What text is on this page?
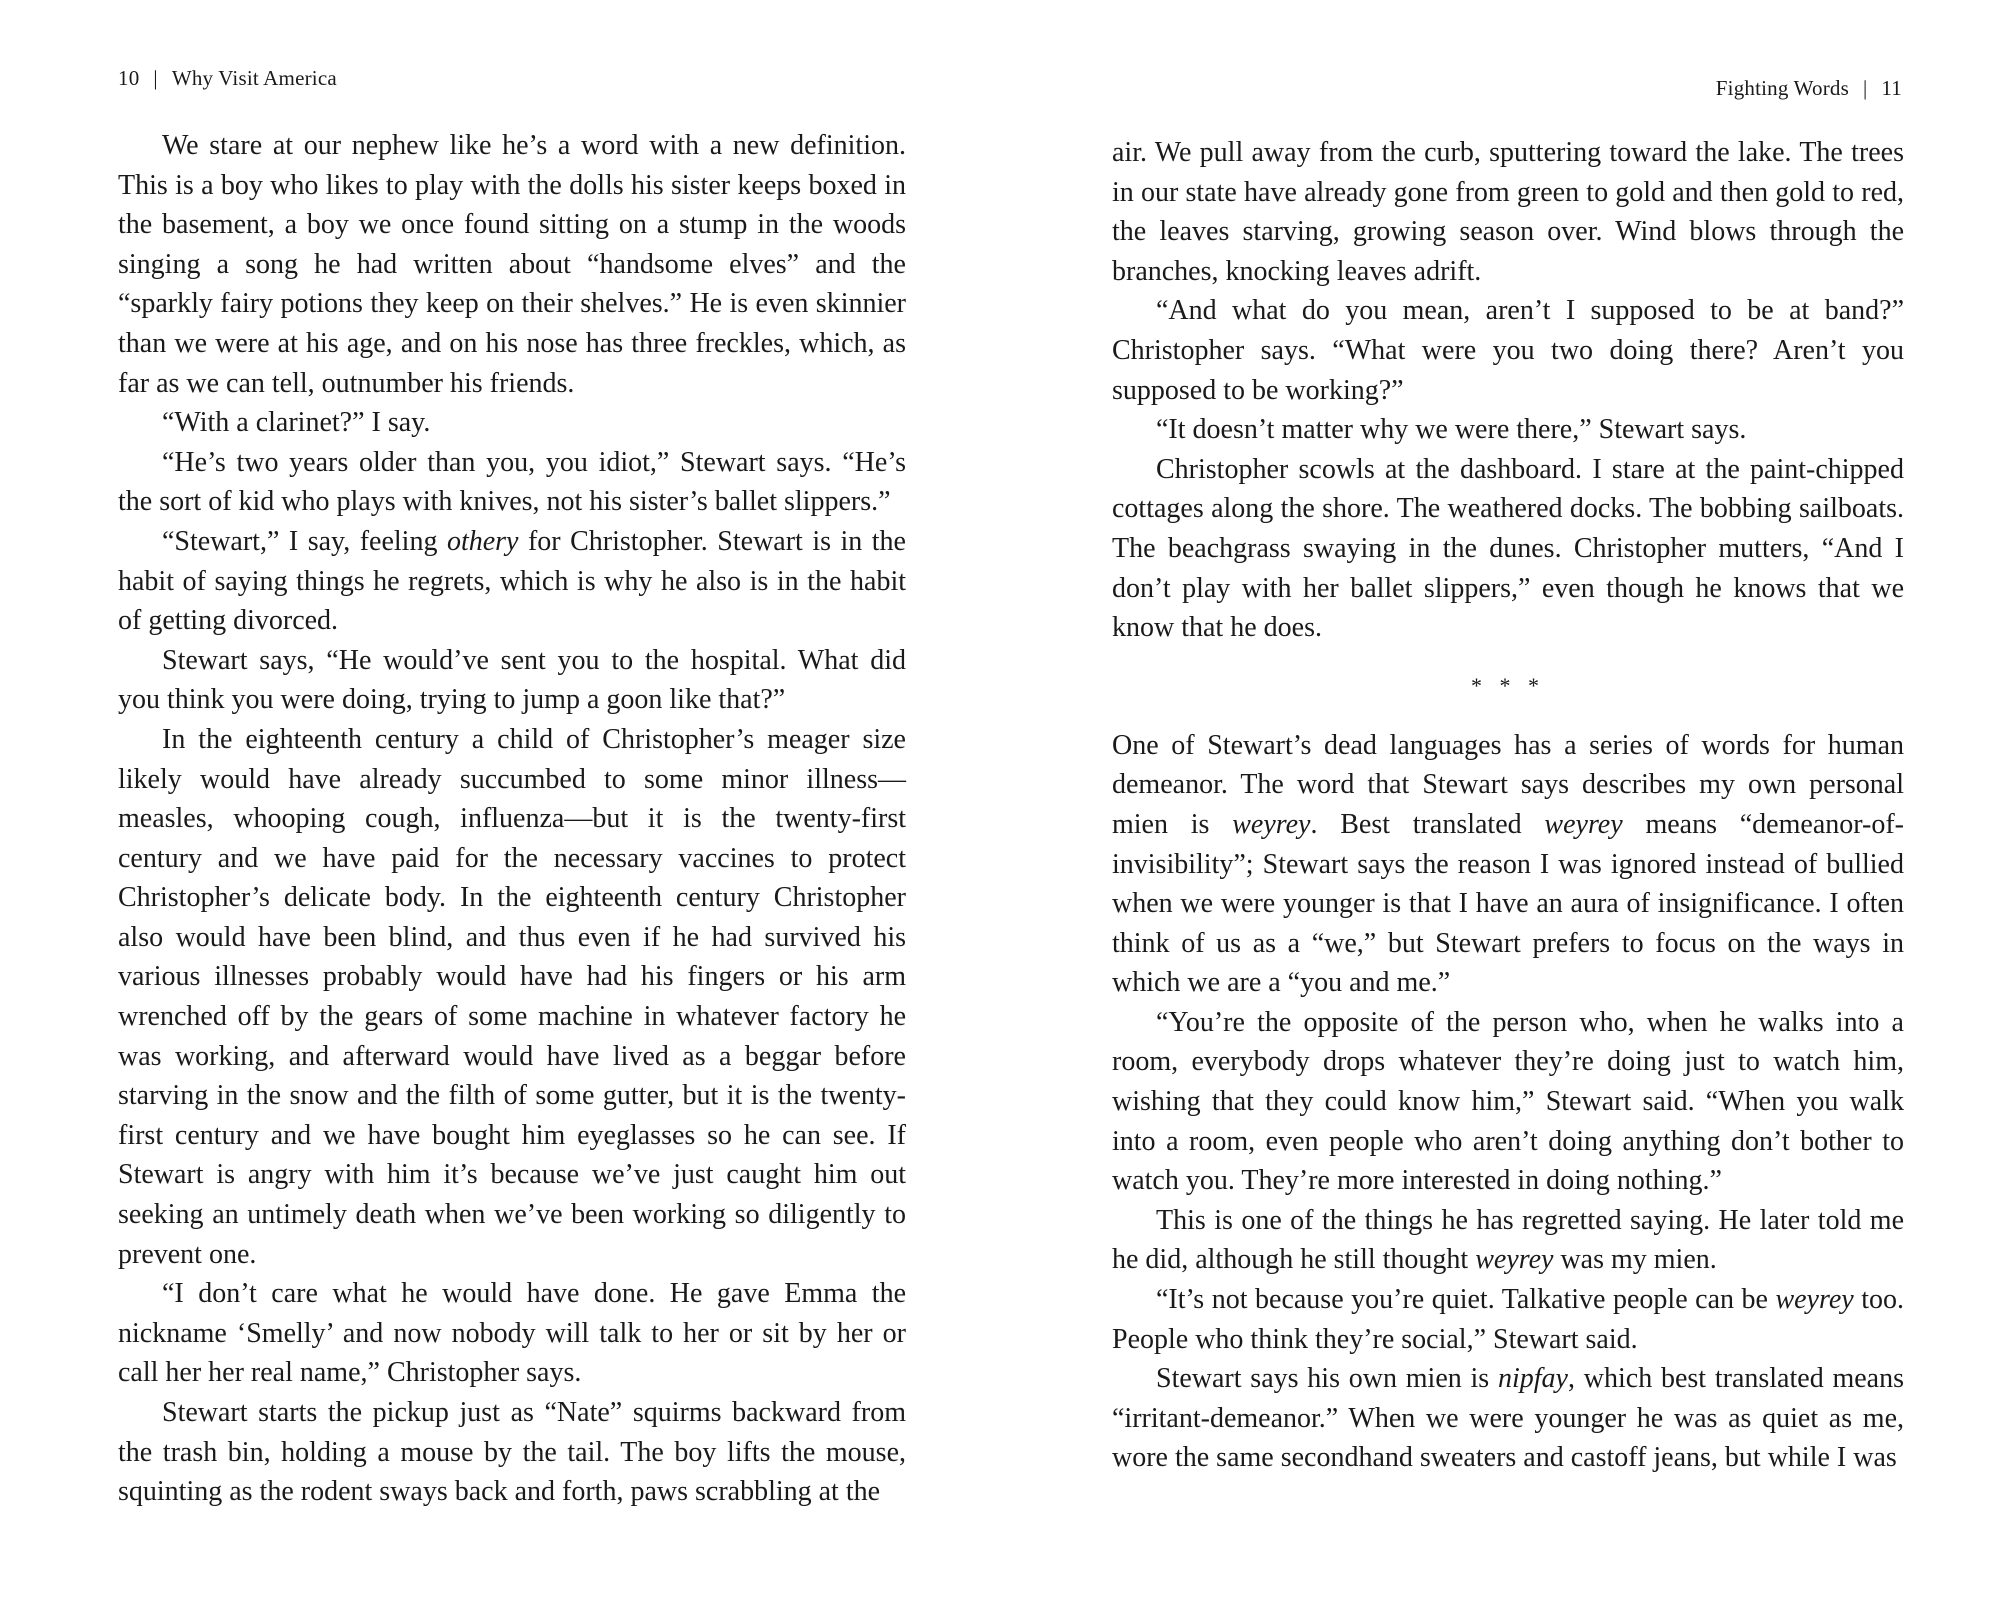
10 | Why Visit America

We stare at our nephew like he’s a word with a new definition. This is a boy who likes to play with the dolls his sister keeps boxed in the basement, a boy we once found sitting on a stump in the woods singing a song he had written about “handsome elves” and the “sparkly fairy potions they keep on their shelves.” He is even skinnier than we were at his age, and on his nose has three freckles, which, as far as we can tell, outnumber his friends.

“With a clarinet?” I say.

“He’s two years older than you, you idiot,” Stewart says. “He’s the sort of kid who plays with knives, not his sister’s ballet slippers.”

“Stewart,” I say, feeling othery for Christopher. Stewart is in the habit of saying things he regrets, which is why he also is in the habit of getting divorced.

Stewart says, “He would’ve sent you to the hospital. What did you think you were doing, trying to jump a goon like that?”

In the eighteenth century a child of Christopher’s meager size likely would have already succumbed to some minor illness—measles, whooping cough, influenza—but it is the twenty-first century and we have paid for the necessary vaccines to protect Christopher’s delicate body. In the eighteenth century Christopher also would have been blind, and thus even if he had survived his various illnesses probably would have had his fingers or his arm wrenched off by the gears of some machine in whatever factory he was working, and afterward would have lived as a beggar before starving in the snow and the filth of some gutter, but it is the twenty-first century and we have bought him eyeglasses so he can see. If Stewart is angry with him it’s because we’ve just caught him out seeking an untimely death when we’ve been working so diligently to prevent one.

“I don’t care what he would have done. He gave Emma the nickname ‘Smelly’ and now nobody will talk to her or sit by her or call her her real name,” Christopher says.

Stewart starts the pickup just as “Nate” squirms backward from the trash bin, holding a mouse by the tail. The boy lifts the mouse, squinting as the rodent sways back and forth, paws scrabbling at the

Fighting Words | 11

air. We pull away from the curb, sputtering toward the lake. The trees in our state have already gone from green to gold and then gold to red, the leaves starving, growing season over. Wind blows through the branches, knocking leaves adrift.

“And what do you mean, aren’t I supposed to be at band?” Christopher says. “What were you two doing there? Aren’t you supposed to be working?”

“It doesn’t matter why we were there,” Stewart says.

Christopher scowls at the dashboard. I stare at the paint-chipped cottages along the shore. The weathered docks. The bobbing sailboats. The beachgrass swaying in the dunes. Christopher mutters, “And I don’t play with her ballet slippers,” even though he knows that we know that he does.

* * *

One of Stewart’s dead languages has a series of words for human demeanor. The word that Stewart says describes my own personal mien is weyrey. Best translated weyrey means “demeanor-of-invisibility”; Stewart says the reason I was ignored instead of bullied when we were younger is that I have an aura of insignificance. I often think of us as a “we,” but Stewart prefers to focus on the ways in which we are a “you and me.”

“You’re the opposite of the person who, when he walks into a room, everybody drops whatever they’re doing just to watch him, wishing that they could know him,” Stewart said. “When you walk into a room, even people who aren’t doing anything don’t bother to watch you. They’re more interested in doing nothing.”

This is one of the things he has regretted saying. He later told me he did, although he still thought weyrey was my mien.

“It’s not because you’re quiet. Talkative people can be weyrey too. People who think they’re social,” Stewart said.

Stewart says his own mien is nipfay, which best translated means “irritant-demeanor.” When we were younger he was as quiet as me, wore the same secondhand sweaters and castoff jeans, but while I was
